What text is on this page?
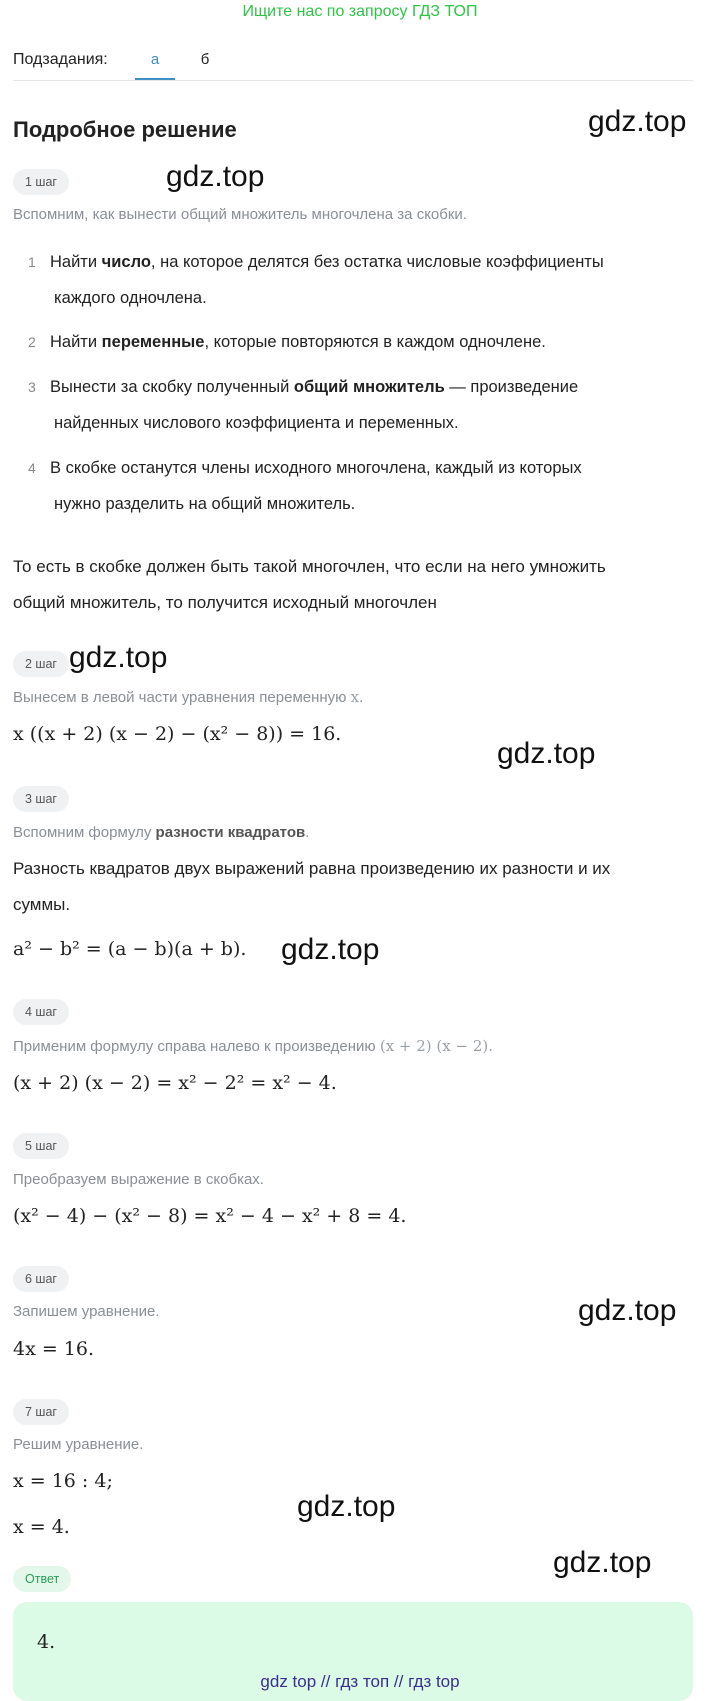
Ищите нас по запросу ГДЗ ТОП
Подзадания:	а	б
Подробное решение	gdz.top
gdz.top
gdz.top
gdz.top
gdz.top
gdz.top
gdz.top
gdz.top
1 шаг
Вспомним, как вынести общий множитель многочлена за скобки.
1 Найти число, на которое делятся без остатка числовые коэффициенты
каждого одночлена.
2 Найти переменные, которые повторяются в каждом одночлене.
3 Вынести за скобку полученный общий множитель — произведение
найденных числового коэффициента и переменных.
4 В скобке останутся члены исходного многочлена, каждый из которых
нужно разделить на общий множитель.
То есть в скобке должен быть такой многочлен, что если на него умножить
общий множитель, то получится исходный многочлен
2 шаг
Вынесем в левой части уравнения переменную x.
x ((x + 2) (x − 2) − (x² − 8)) = 16.
3 шаг
Вспомним формулу разности квадратов.
Разность квадратов двух выражений равна произведению их разности и их
суммы.
a² − b² = (a − b)(a + b).
4 шаг
Применим формулу справа налево к произведению (x + 2) (x − 2).
(x + 2) (x − 2) = x² − 2² = x² − 4.
5 шаг
Преобразуем выражение в скобках.
(x² − 4) − (x² − 8) = x² − 4 − x² + 8 = 4.
6 шаг
Запишем уравнение.
4x = 16.
7 шаг
Решим уравнение.
x = 16 : 4;
x = 4.
Ответ
4.
gdz top // гдз топ // гдз top
